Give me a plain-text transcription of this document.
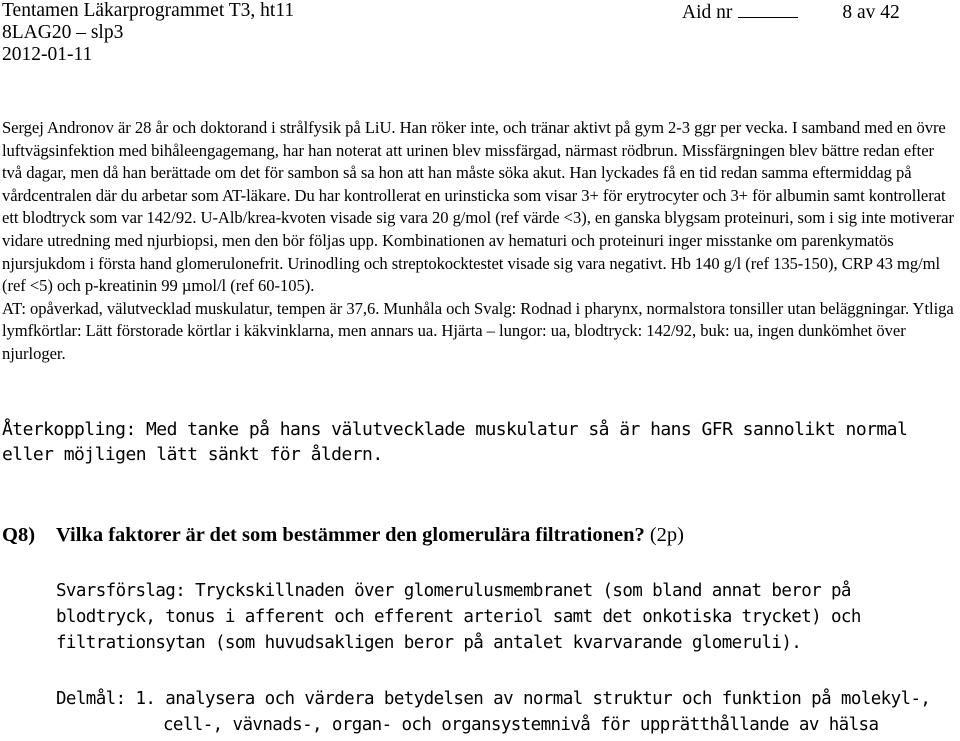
Tentamen Läkarprogrammet T3, ht11	Aid nr	8 av 42
8LAG20 – slp3
2012-01-11

Sergej Andronov är 28 år och doktorand i strålfysik på LiU. Han röker inte, och tränar aktivt på gym 2-3 ggr per vecka. I samband med en övre luftvägsinfektion med bihåleengagemang, har han noterat att urinen blev missfärgad, närmast rödbrun. Missfärgningen blev bättre redan efter två dagar, men då han berättade om det för sambon så sa hon att han måste söka akut. Han lyckades få en tid redan samma eftermiddag på vårdcentralen där du arbetar som AT-läkare. Du har kontrollerat en urinsticka som visar 3+ för erytrocyter och 3+ för albumin samt kontrollerat ett blodtryck som var 142/92. U-Alb/krea-kvoten visade sig vara 20 g/mol (ref värde <3), en ganska blygsam proteinuri, som i sig inte motiverar vidare utredning med njurbiopsi, men den bör följas upp. Kombinationen av hematuri och proteinuri inger misstanke om parenkymatös njursjukdom i första hand glomerulonefrit. Urinodling och streptokocktestet visade sig vara negativt. Hb 140 g/l (ref 135-150), CRP 43 mg/ml (ref <5) och p-kreatinin 99 µmol/l (ref 60-105).

AT: opåverkad, välutvecklad muskulatur, tempen är 37,6. Munhåla och Svalg: Rodnad i pharynx, normalstora tonsiller utan beläggningar. Ytliga lymfkörtlar: Lätt förstorade körtlar i käkvinklarna, men annars ua. Hjärta – lungor: ua, blodtryck: 142/92, buk: ua, ingen dunkömhet över njurloger.

Återkoppling: Med tanke på hans välutvecklade muskulatur så är hans GFR sannolikt normal eller möjligen lätt sänkt för åldern.
Q8) Vilka faktorer är det som bestämmer den glomerulära filtrationen? (2p)
Svarsförslag: Tryckskillnaden över glomerulusmembranet (som bland annat beror på blodtryck, tonus i afferent och efferent arteriol samt det onkotiska trycket) och filtrationsytan (som huvudsakligen beror på antalet kvarvarande glomeruli).
Delmål: 1. analysera och värdera betydelsen av normal struktur och funktion på molekyl-,
cell-, vävnads-, organ- och organsystemnivå för upprätthållande av hälsa
